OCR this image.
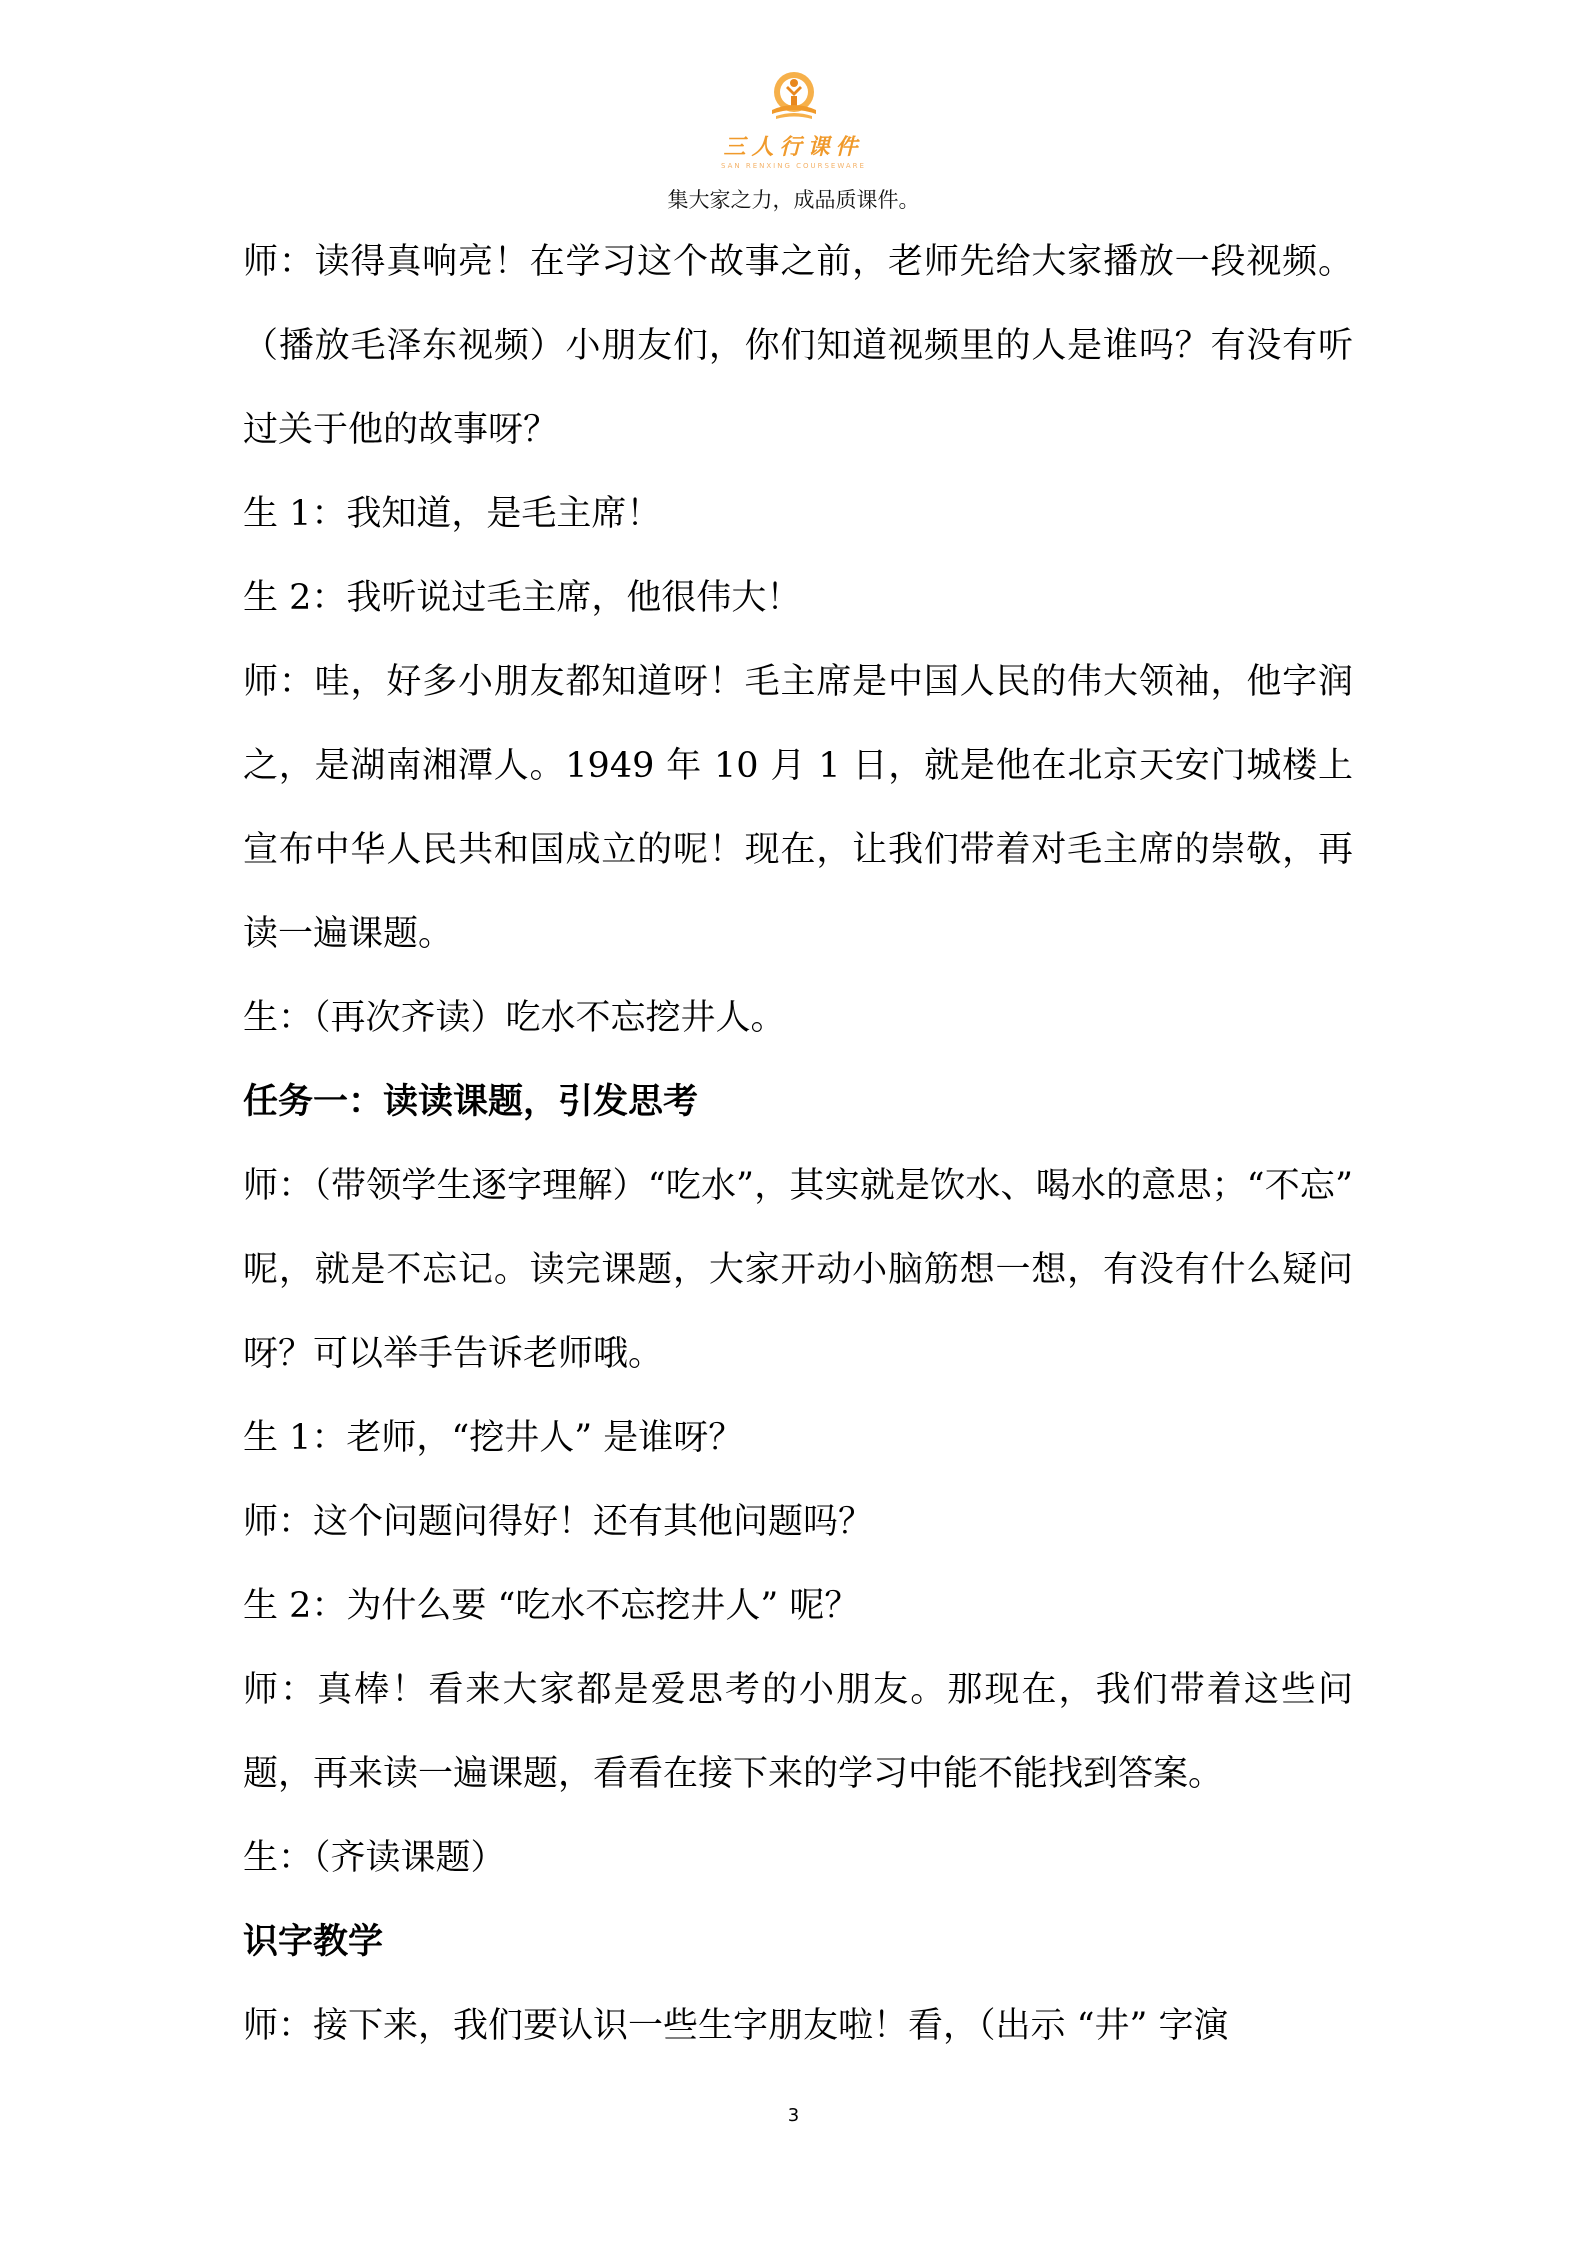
三人行课件
SAN RENXING COURSEWARE
集大家之力，成品质课件。

师：读得真响亮！在学习这个故事之前，老师先给大家播放一段视频。（播放毛泽东视频）小朋友们，你们知道视频里的人是谁吗？有没有听过关于他的故事呀？

生 1：我知道，是毛主席！

生 2：我听说过毛主席，他很伟大！

师：哇，好多小朋友都知道呀！毛主席是中国人民的伟大领袖，他字润之，是湖南湘潭人。1949 年 10 月 1 日，就是他在北京天安门城楼上宣布中华人民共和国成立的呢！现在，让我们带着对毛主席的崇敬，再读一遍课题。

生：（再次齐读）吃水不忘挖井人。

任务一：读读课题，引发思考

师：（带领学生逐字理解）“吃水”，其实就是饮水、喝水的意思；“不忘” 呢，就是不忘记。读完课题，大家开动小脑筋想一想，有没有什么疑问呀？可以举手告诉老师哦。

生 1：老师，“挖井人” 是谁呀？

师：这个问题问得好！还有其他问题吗？

生 2：为什么要 “吃水不忘挖井人” 呢？

师：真棒！看来大家都是爱思考的小朋友。那现在，我们带着这些问题，再来读一遍课题，看看在接下来的学习中能不能找到答案。

生：（齐读课题）

识字教学

师：接下来，我们要认识一些生字朋友啦！看，（出示 “井” 字演

3
